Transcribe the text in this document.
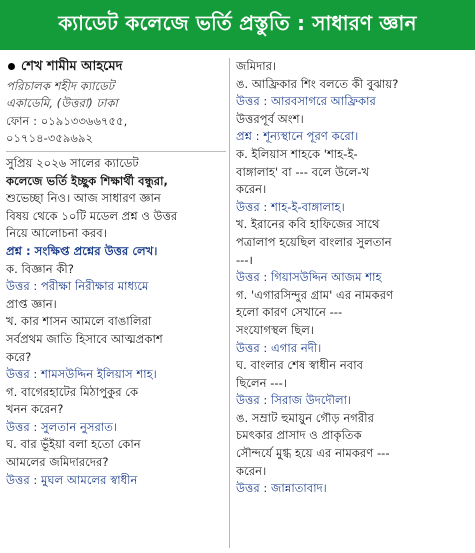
ক্যাডেট কলেজে ভর্তি প্রস্তুতি : সাধারণ জ্ঞান
শেখ শামীম আহমেদ
পরিচালক শহীদ ক্যাডেট
একাডেমি, (উত্তরা) ঢাকা
ফোন : ০১৯১৩৩৬৬৭৫৫,
০১৭১৪-৩৫৯৬৯২
সুপ্রিয় ২০২৬ সালের ক্যাডেট
কলেজে ভর্তি ইচ্ছুক শিক্ষার্থী বন্ধুরা,
শুভেচ্ছা নিও। আজ সাধারণ জ্ঞান
বিষয় থেকে ১০টি মডেল প্রশ্ন ও উত্তর
নিয়ে আলোচনা করব।
প্রশ্ন : সংক্ষিপ্ত প্রশ্নের উত্তর লেখ।
ক. বিজ্ঞান কী?
উত্তর : পরীক্ষা নিরীক্ষার মাধ্যমে
প্রাপ্ত জ্ঞান।
খ. কার শাসন আমলে বাঙালিরা
সর্বপ্রথম জাতি হিসাবে আত্মপ্রকাশ
করে?
উত্তর : শামসউদ্দিন ইলিয়াস শাহ।
গ. বাগেরহাটের মিঠাপুকুর কে
খনন করেন?
উত্তর : সুলতান নুসরাত।
ঘ. বার ভূঁইয়া বলা হতো কোন
আমলের জমিদারদের?
উত্তর : মুঘল আমলের স্বাধীন
জমিদার।
ঙ. আফ্রিকার শিং বলতে কী বুঝায়?
উত্তর : আরবসাগরে আফ্রিকার
উত্তরপূর্ব অংশ।
প্রশ্ন : শূন্যস্থানে পূরণ করো।
ক. ইলিয়াস শাহকে 'শাহ-ই-
বাঙ্গালাহ' বা --- বলে উলে-খ
করেন।
উত্তর : শাহ-ই-বাঙ্গালাহ।
খ. ইরানের কবি হাফিজের সাথে
পত্রালাপ হয়েছিল বাংলার সুলতান
---।
উত্তর : গিয়াসউদ্দিন আজম শাহ
গ. 'এগারসিন্দুর গ্রাম' এর নামকরণ
হলো কারণ সেখানে ---
সংযোগস্থল ছিল।
উত্তর : এগার নদী।
ঘ. বাংলার শেষ স্বাধীন নবাব
ছিলেন ---।
উত্তর : সিরাজ উদদৌলা।
ঙ. সম্রাট হুমায়ুন গৌড় নগরীর
চমৎকার প্রাসাদ ও প্রাকৃতিক
সৌন্দর্যে মুগ্ধ হয়ে এর নামকরণ ---
করেন।
উত্তর : জান্নাতাবাদ।
